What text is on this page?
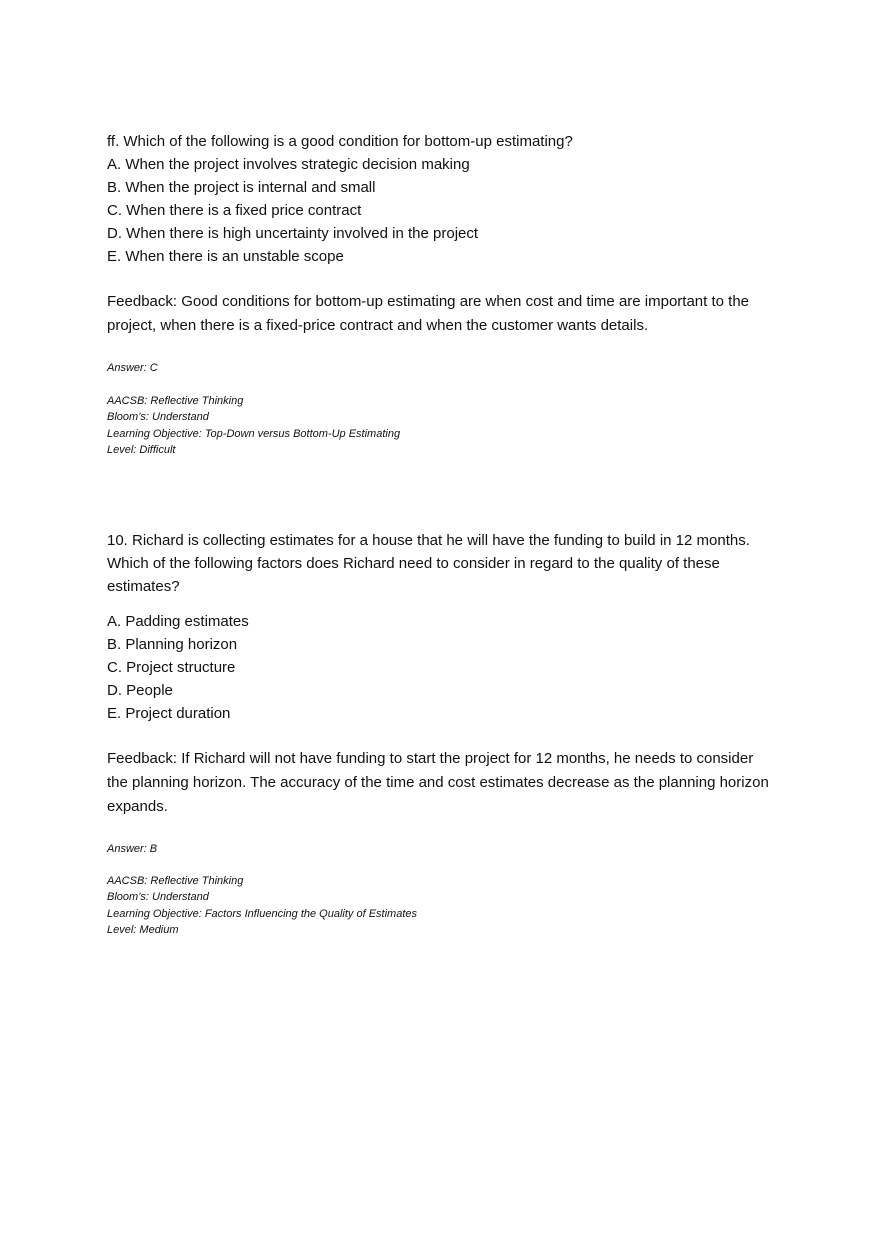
ff. Which of the following is a good condition for bottom-up estimating?

A. When the project involves strategic decision making
B. When the project is internal and small
C. When there is a fixed price contract
D. When there is high uncertainty involved in the project
E. When there is an unstable scope

Feedback: Good conditions for bottom-up estimating are when cost and time are important to the project, when there is a fixed-price contract and when the customer wants details.

Answer: C

AACSB: Reflective Thinking
Bloom’s: Understand
Learning Objective: Top-Down versus Bottom-Up Estimating
Level: Difficult

10. Richard is collecting estimates for a house that he will have the funding to build in 12 months. Which of the following factors does Richard need to consider in regard to the quality of these estimates?

A. Padding estimates
B. Planning horizon
C. Project structure
D. People
E. Project duration

Feedback: If Richard will not have funding to start the project for 12 months, he needs to consider the planning horizon. The accuracy of the time and cost estimates decrease as the planning horizon expands.

Answer: B

AACSB: Reflective Thinking
Bloom’s: Understand
Learning Objective: Factors Influencing the Quality of Estimates
Level: Medium
